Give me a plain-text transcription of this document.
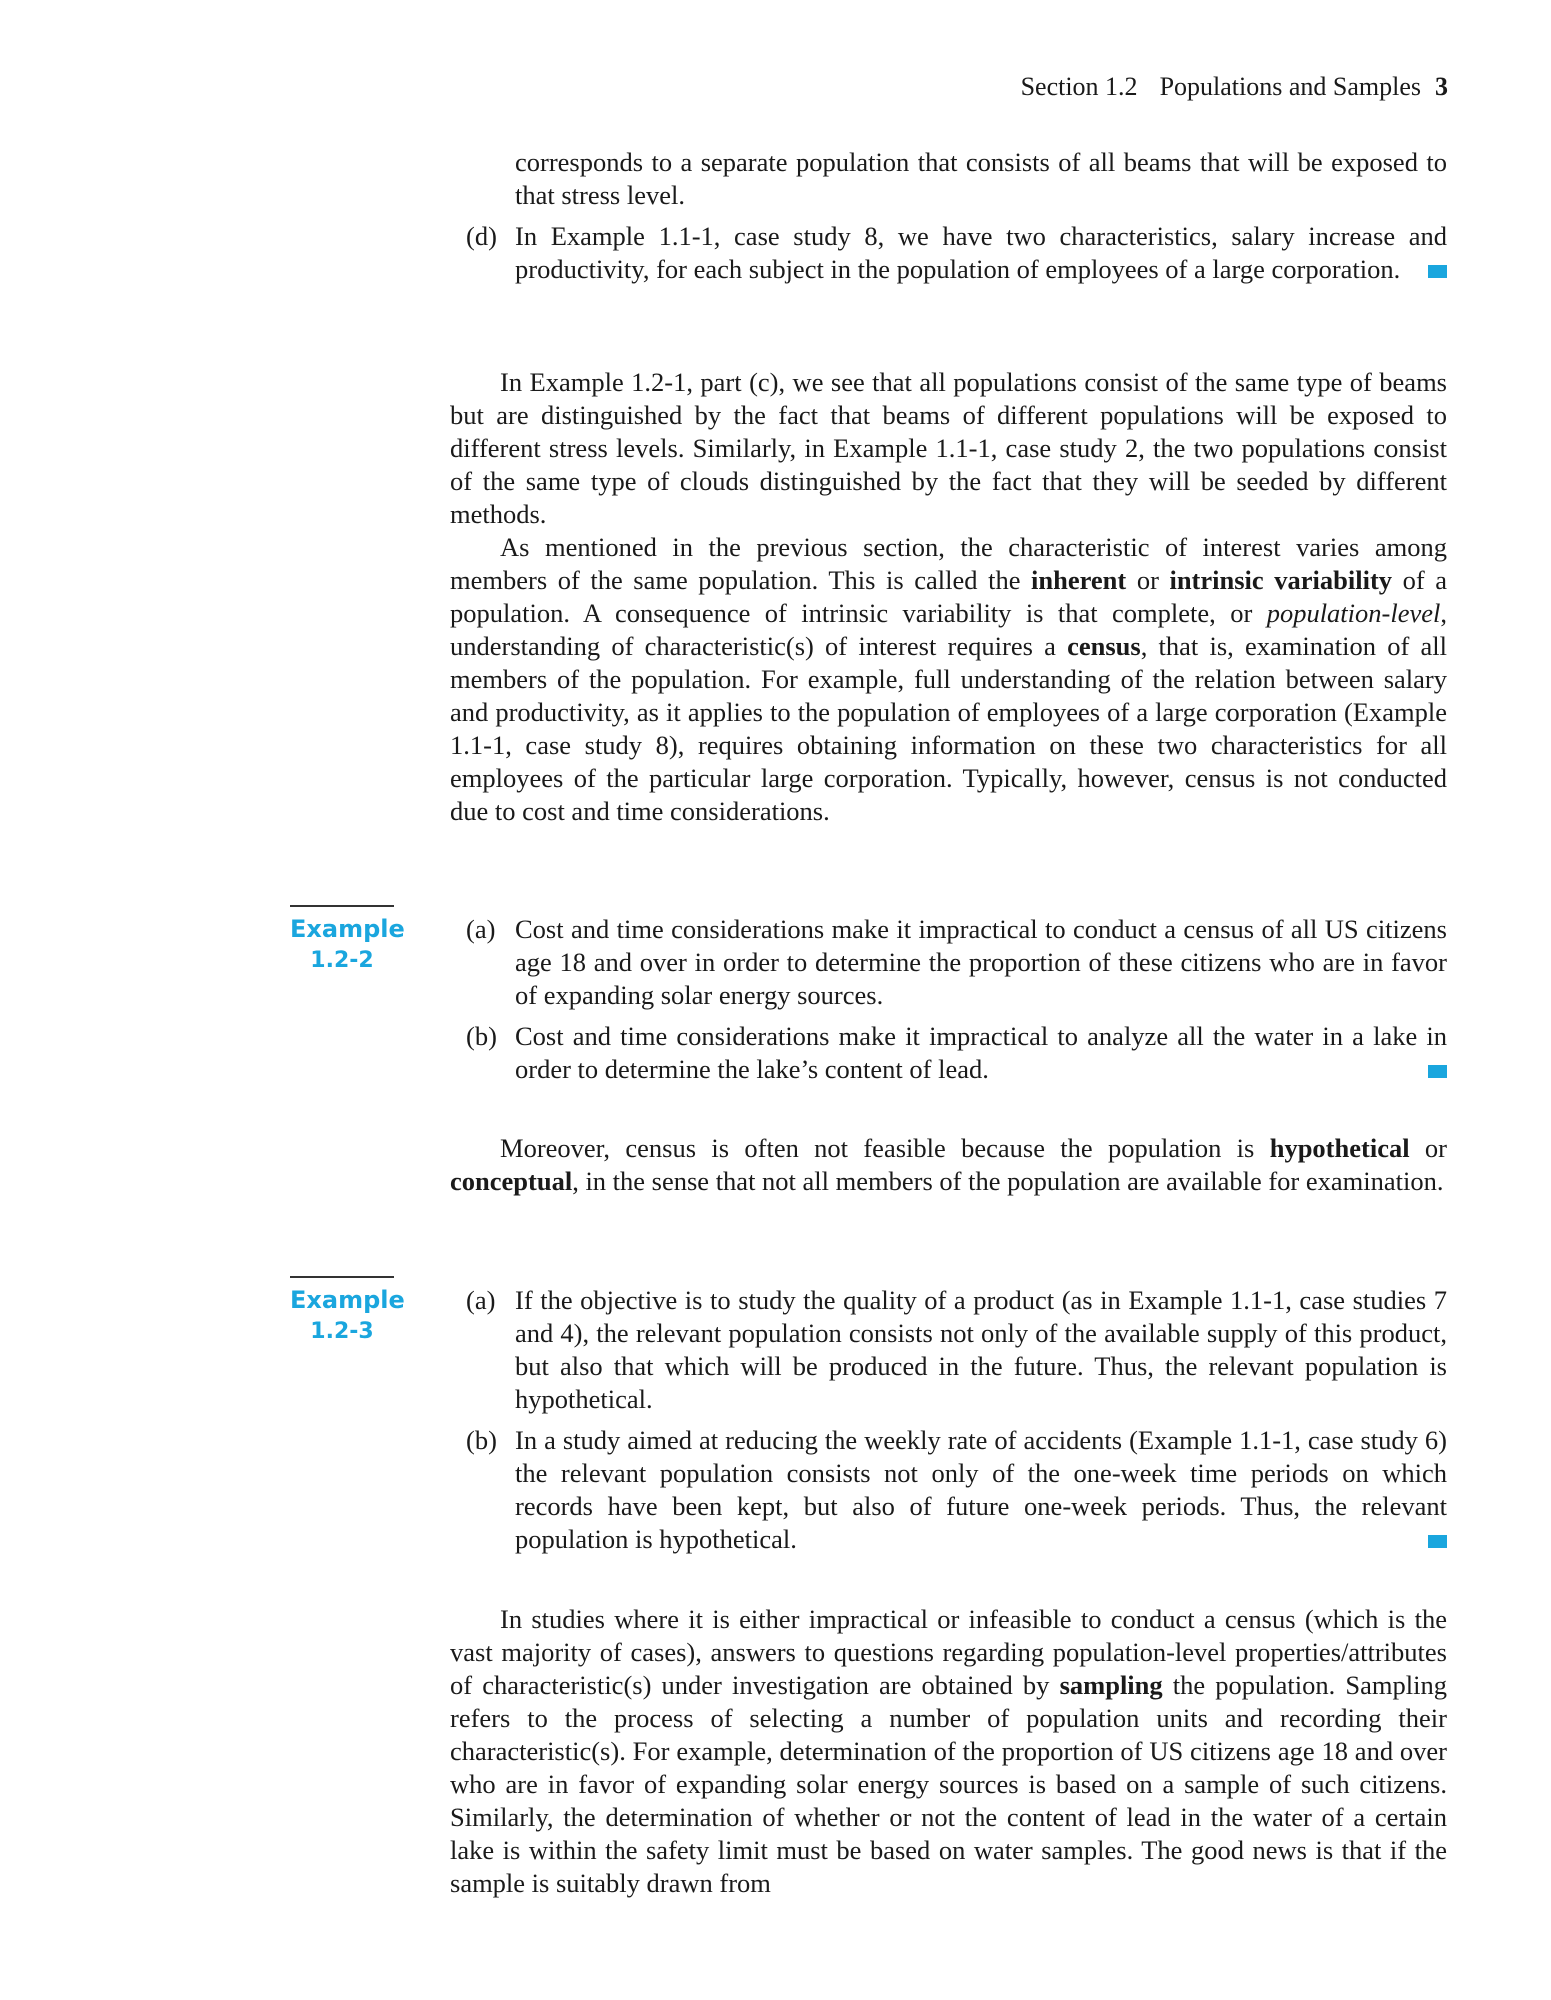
Section 1.2 Populations and Samples 3
corresponds to a separate population that consists of all beams that will be exposed to that stress level.
(d) In Example 1.1-1, case study 8, we have two characteristics, salary increase and productivity, for each subject in the population of employees of a large corporation.

In Example 1.2-1, part (c), we see that all populations consist of the same type of beams but are distinguished by the fact that beams of different populations will be exposed to different stress levels. Similarly, in Example 1.1-1, case study 2, the two populations consist of the same type of clouds distinguished by the fact that they will be seeded by different methods.

As mentioned in the previous section, the characteristic of interest varies among members of the same population. This is called the inherent or intrinsic variability of a population. A consequence of intrinsic variability is that complete, or population-level, understanding of characteristic(s) of interest requires a census, that is, examination of all members of the population. For example, full understanding of the relation between salary and productivity, as it applies to the population of employees of a large corporation (Example 1.1-1, case study 8), requires obtaining information on these two characteristics for all employees of the particular large corporation. Typically, however, census is not conducted due to cost and time considerations.

Example
1.2-2
(a) Cost and time considerations make it impractical to conduct a census of all US citizens age 18 and over in order to determine the proportion of these citizens who are in favor of expanding solar energy sources.
(b) Cost and time considerations make it impractical to analyze all the water in a lake in order to determine the lake’s content of lead.

Moreover, census is often not feasible because the population is hypothetical or conceptual, in the sense that not all members of the population are available for examination.

Example
1.2-3
(a) If the objective is to study the quality of a product (as in Example 1.1-1, case studies 7 and 4), the relevant population consists not only of the available supply of this product, but also that which will be produced in the future. Thus, the relevant population is hypothetical.
(b) In a study aimed at reducing the weekly rate of accidents (Example 1.1-1, case study 6) the relevant population consists not only of the one-week time periods on which records have been kept, but also of future one-week periods. Thus, the relevant population is hypothetical.

In studies where it is either impractical or infeasible to conduct a census (which is the vast majority of cases), answers to questions regarding population-level properties/attributes of characteristic(s) under investigation are obtained by sampling the population. Sampling refers to the process of selecting a number of population units and recording their characteristic(s). For example, determination of the proportion of US citizens age 18 and over who are in favor of expanding solar energy sources is based on a sample of such citizens. Similarly, the determination of whether or not the content of lead in the water of a certain lake is within the safety limit must be based on water samples. The good news is that if the sample is suitably drawn from
